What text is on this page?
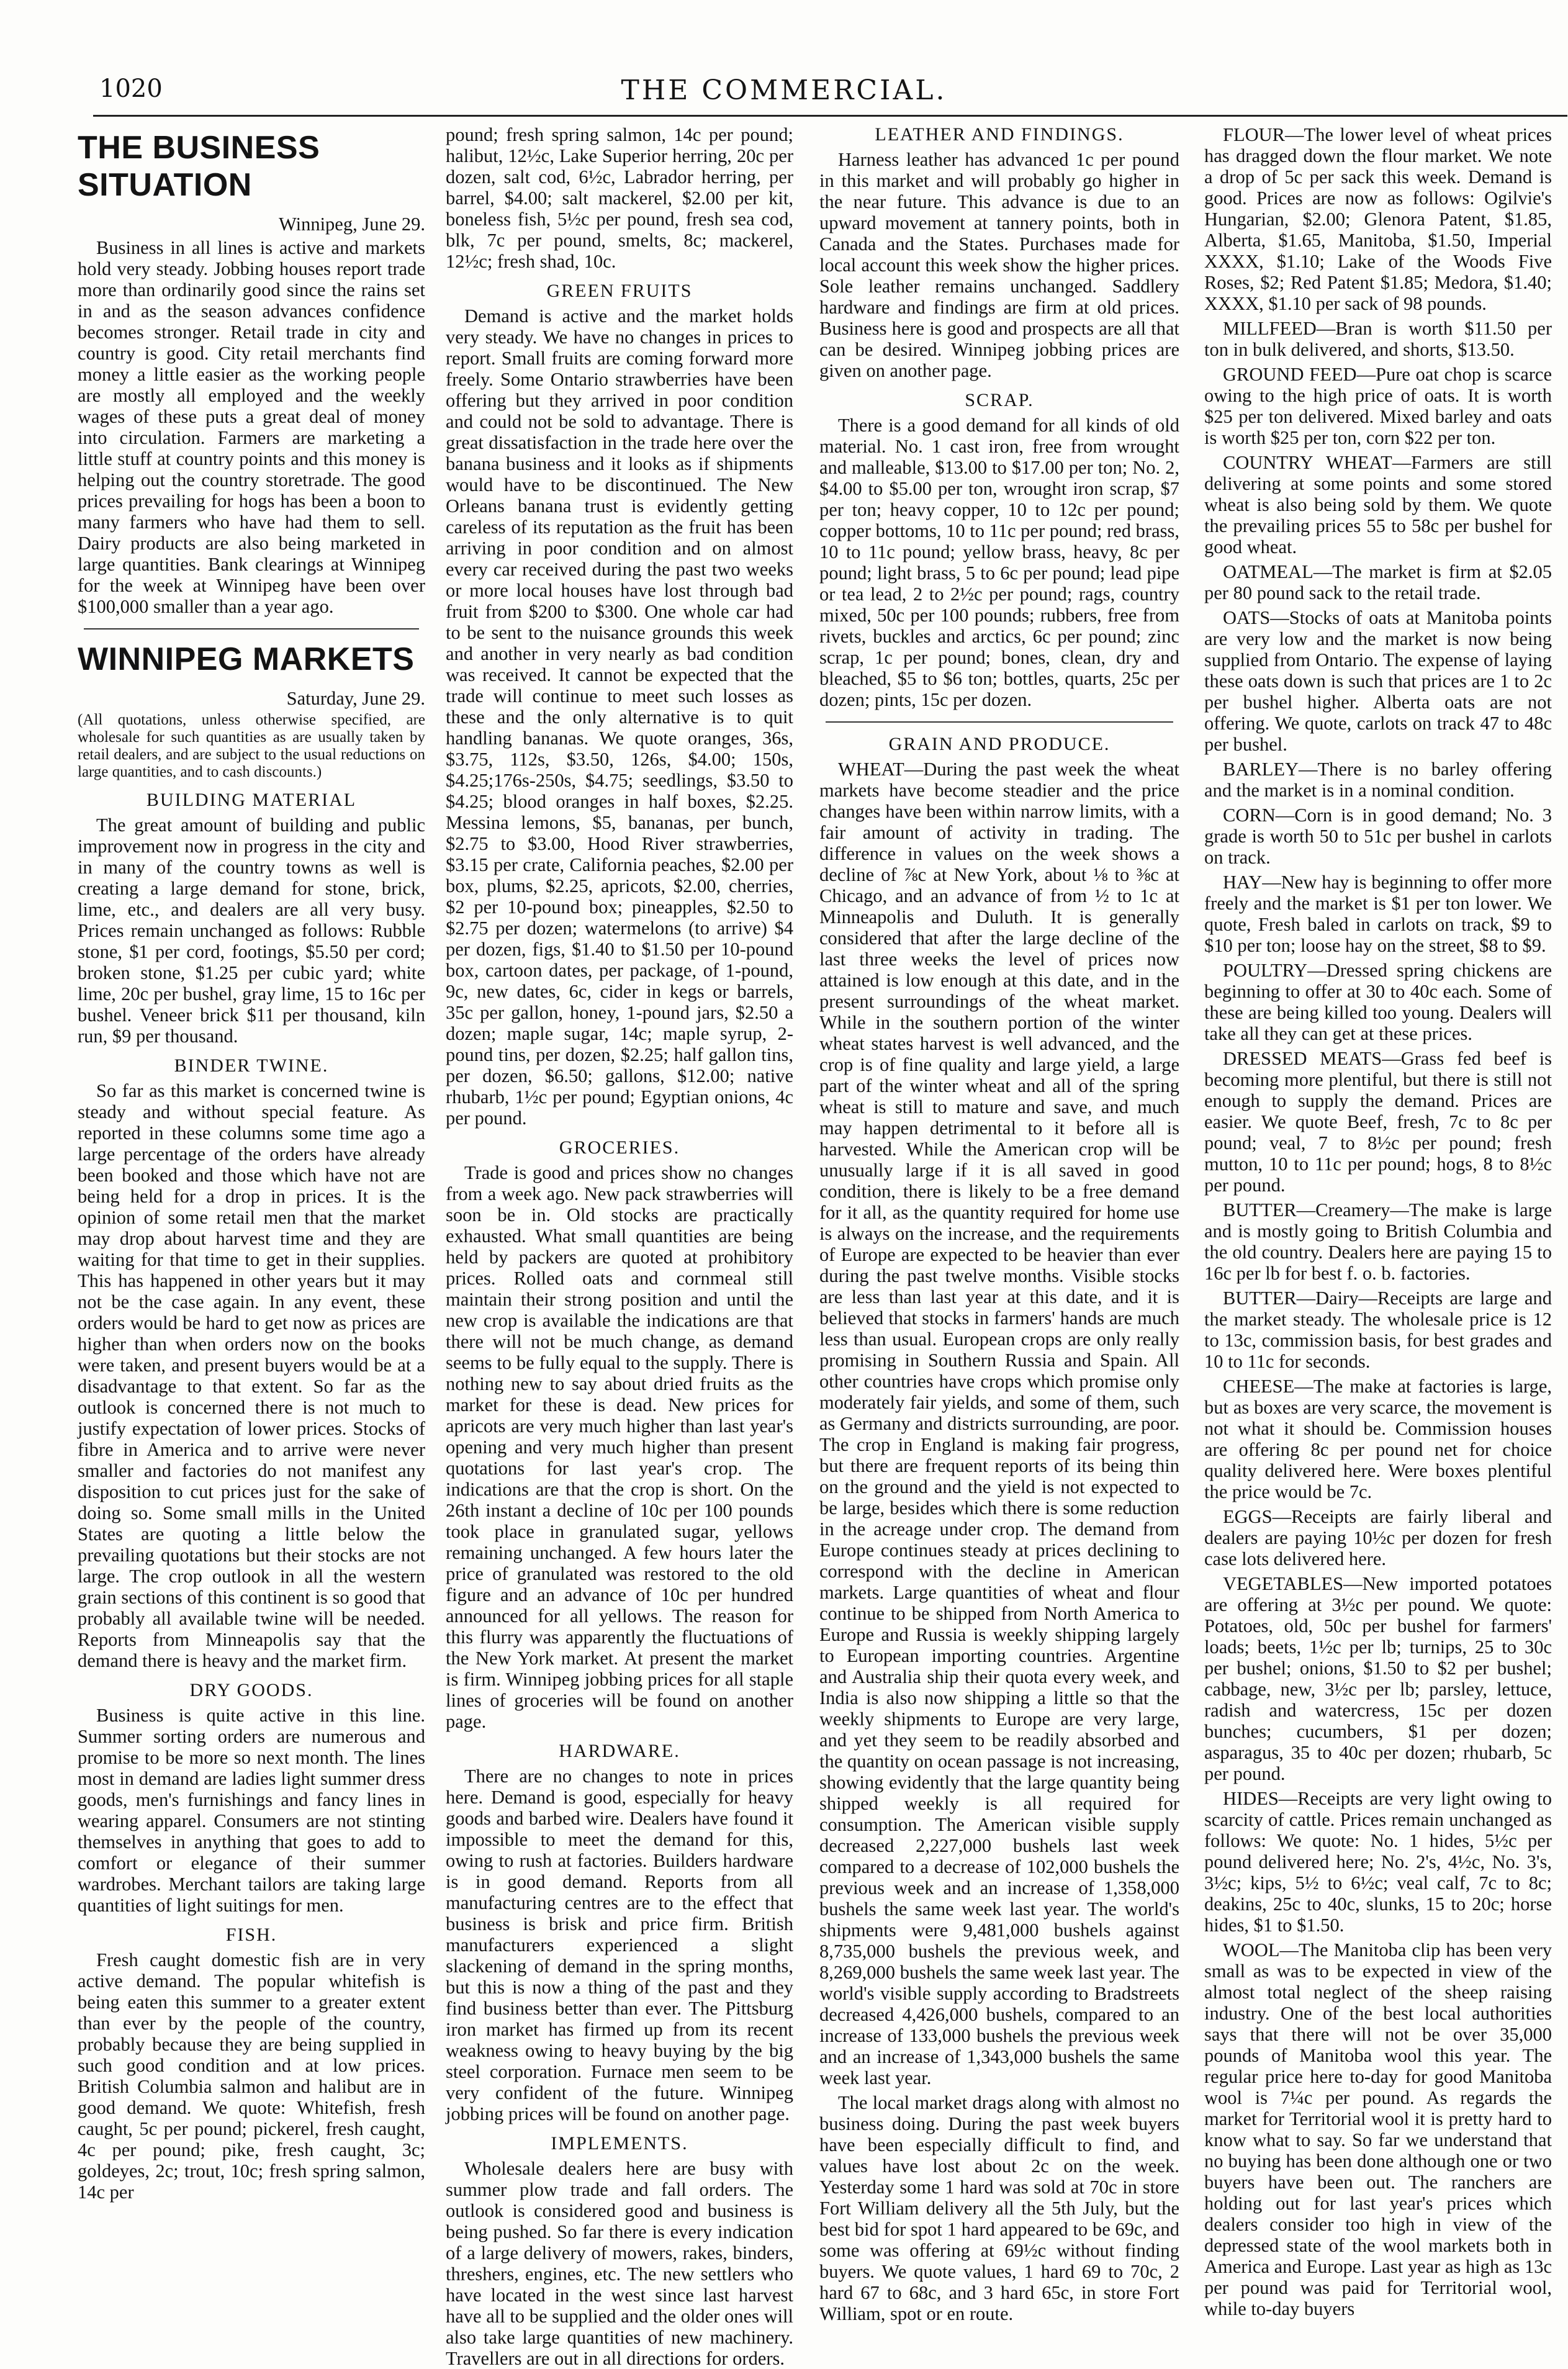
1020	THE COMMERCIAL.
THE BUSINESS SITUATION

Winnipeg, June 29.

Business in all lines is active and markets hold very steady. Jobbing houses report trade more than ordinarily good since the rains set in and as the season advances confidence becomes stronger. Retail trade in city and country is good. City retail merchants find money a little easier as the working people are mostly all employed and the weekly wages of these puts a great deal of money into circulation. Farmers are marketing a little stuff at country points and this money is helping out the country storetrade. The good prices prevailing for hogs has been a boon to many farmers who have had them to sell. Dairy products are also being marketed in large quantities. Bank clearings at Winnipeg for the week at Winnipeg have been over $100,000 smaller than a year ago.

WINNIPEG MARKETS

Saturday, June 29.

(All quotations, unless otherwise specified, are wholesale for such quantities as are usually taken by retail dealers, and are subject to the usual reductions on large quantities, and to cash discounts.)

BUILDING MATERIAL

The great amount of building and public improvement now in progress in the city and in many of the country towns as well is creating a large demand for stone, brick, lime, etc., and dealers are all very busy. Prices remain unchanged as follows: Rubble stone, $1 per cord, footings, $5.50 per cord; broken stone, $1.25 per cubic yard; white lime, 20c per bushel, gray lime, 15 to 16c per bushel. Veneer brick $11 per thousand, kiln run, $9 per thousand.

BINDER TWINE.

So far as this market is concerned twine is steady and without special feature. As reported in these columns some time ago a large percentage of the orders have already been booked and those which have not are being held for a drop in prices. It is the opinion of some retail men that the market may drop about harvest time and they are waiting for that time to get in their supplies. This has happened in other years but it may not be the case again. In any event, these orders would be hard to get now as prices are higher than when orders now on the books were taken, and present buyers would be at a disadvantage to that extent. So far as the outlook is concerned there is not much to justify expectation of lower prices. Stocks of fibre in America and to arrive were never smaller and factories do not manifest any disposition to cut prices just for the sake of doing so. Some small mills in the United States are quoting a little below the prevailing quotations but their stocks are not large. The crop outlook in all the western grain sections of this continent is so good that probably all available twine will be needed. Reports from Minneapolis say that the demand there is heavy and the market firm.

DRY GOODS.

Business is quite active in this line. Summer sorting orders are numerous and promise to be more so next month. The lines most in demand are ladies light summer dress goods, men's furnishings and fancy lines in wearing apparel. Consumers are not stinting themselves in anything that goes to add to comfort or elegance of their summer wardrobes. Merchant tailors are taking large quantities of light suitings for men.

FISH.

Fresh caught domestic fish are in very active demand. The popular whitefish is being eaten this summer to a greater extent than ever by the people of the country, probably because they are being supplied in such good condition and at low prices. British Columbia salmon and halibut are in good demand. We quote: Whitefish, fresh caught, 5c per pound; pickerel, fresh caught, 4c per pound; pike, fresh caught, 3c; goldeyes, 2c; trout, 10c; fresh spring salmon, 14c per

pound; fresh spring salmon, 14c per pound; halibut, 12½c, Lake Superior herring, 20c per dozen, salt cod, 6½c, Labrador herring, per barrel, $4.00; salt mackerel, $2.00 per kit, boneless fish, 5½c per pound, fresh sea cod, blk, 7c per pound, smelts, 8c; mackerel, 12½c; fresh shad, 10c.

GREEN FRUITS

Demand is active and the market holds very steady. We have no changes in prices to report. Small fruits are coming forward more freely. Some Ontario strawberries have been offering but they arrived in poor condition and could not be sold to advantage. There is great dissatisfaction in the trade here over the banana business and it looks as if shipments would have to be discontinued. The New Orleans banana trust is evidently getting careless of its reputation as the fruit has been arriving in poor condition and on almost every car received during the past two weeks or more local houses have lost through bad fruit from $200 to $300. One whole car had to be sent to the nuisance grounds this week and another in very nearly as bad condition was received. It cannot be expected that the trade will continue to meet such losses as these and the only alternative is to quit handling bananas. We quote oranges, 36s, $3.75, 112s, $3.50, 126s, $4.00; 150s, $4.25;176s-250s, $4.75; seedlings, $3.50 to $4.25; blood oranges in half boxes, $2.25. Messina lemons, $5, bananas, per bunch, $2.75 to $3.00, Hood River strawberries, $3.15 per crate, California peaches, $2.00 per box, plums, $2.25, apricots, $2.00, cherries, $2 per 10-pound box; pineapples, $2.50 to $2.75 per dozen; watermelons (to arrive) $4 per dozen, figs, $1.40 to $1.50 per 10-pound box, cartoon dates, per package, of 1-pound, 9c, new dates, 6c, cider in kegs or barrels, 35c per gallon, honey, 1-pound jars, $2.50 a dozen; maple sugar, 14c; maple syrup, 2-pound tins, per dozen, $2.25; half gallon tins, per dozen, $6.50; gallons, $12.00; native rhubarb, 1½c per pound; Egyptian onions, 4c per pound.

GROCERIES.

Trade is good and prices show no changes from a week ago. New pack strawberries will soon be in. Old stocks are practically exhausted. What small quantities are being held by packers are quoted at prohibitory prices. Rolled oats and cornmeal still maintain their strong position and until the new crop is available the indications are that there will not be much change, as demand seems to be fully equal to the supply. There is nothing new to say about dried fruits as the market for these is dead. New prices for apricots are very much higher than last year's opening and very much higher than present quotations for last year's crop. The indications are that the crop is short. On the 26th instant a decline of 10c per 100 pounds took place in granulated sugar, yellows remaining unchanged. A few hours later the price of granulated was restored to the old figure and an advance of 10c per hundred announced for all yellows. The reason for this flurry was apparently the fluctuations of the New York market. At present the market is firm. Winnipeg jobbing prices for all staple lines of groceries will be found on another page.

HARDWARE.

There are no changes to note in prices here. Demand is good, especially for heavy goods and barbed wire. Dealers have found it impossible to meet the demand for this, owing to rush at factories. Builders hardware is in good demand. Reports from all manufacturing centres are to the effect that business is brisk and price firm. British manufacturers experienced a slight slackening of demand in the spring months, but this is now a thing of the past and they find business better than ever. The Pittsburg iron market has firmed up from its recent weakness owing to heavy buying by the big steel corporation. Furnace men seem to be very confident of the future. Winnipeg jobbing prices will be found on another page.

IMPLEMENTS.

Wholesale dealers here are busy with summer plow trade and fall orders. The outlook is considered good and business is being pushed. So far there is every indication of a large delivery of mowers, rakes, binders, threshers, engines, etc. The new settlers who have located in the west since last harvest have all to be supplied and the older ones will also take large quantities of new machinery. Travellers are out in all directions for orders.

LEATHER AND FINDINGS.

Harness leather has advanced 1c per pound in this market and will probably go higher in the near future. This advance is due to an upward movement at tannery points, both in Canada and the States. Purchases made for local account this week show the higher prices. Sole leather remains unchanged. Saddlery hardware and findings are firm at old prices. Business here is good and prospects are all that can be desired. Winnipeg jobbing prices are given on another page.

SCRAP.

There is a good demand for all kinds of old material. No. 1 cast iron, free from wrought and malleable, $13.00 to $17.00 per ton; No. 2, $4.00 to $5.00 per ton, wrought iron scrap, $7 per ton; heavy copper, 10 to 12c per pound; copper bottoms, 10 to 11c per pound; red brass, 10 to 11c pound; yellow brass, heavy, 8c per pound; light brass, 5 to 6c per pound; lead pipe or tea lead, 2 to 2½c per pound; rags, country mixed, 50c per 100 pounds; rubbers, free from rivets, buckles and arctics, 6c per pound; zinc scrap, 1c per pound; bones, clean, dry and bleached, $5 to $6 ton; bottles, quarts, 25c per dozen; pints, 15c per dozen.

GRAIN AND PRODUCE.

WHEAT—During the past week the wheat markets have become steadier and the price changes have been within narrow limits, with a fair amount of activity in trading. The difference in values on the week shows a decline of ⅞c at New York, about ⅛ to ⅜c at Chicago, and an advance of from ½ to 1c at Minneapolis and Duluth. It is generally considered that after the large decline of the last three weeks the level of prices now attained is low enough at this date, and in the present surroundings of the wheat market. While in the southern portion of the winter wheat states harvest is well advanced, and the crop is of fine quality and large yield, a large part of the winter wheat and all of the spring wheat is still to mature and save, and much may happen detrimental to it before all is harvested. While the American crop will be unusually large if it is all saved in good condition, there is likely to be a free demand for it all, as the quantity required for home use is always on the increase, and the requirements of Europe are expected to be heavier than ever during the past twelve months. Visible stocks are less than last year at this date, and it is believed that stocks in farmers' hands are much less than usual. European crops are only really promising in Southern Russia and Spain. All other countries have crops which promise only moderately fair yields, and some of them, such as Germany and districts surrounding, are poor. The crop in England is making fair progress, but there are frequent reports of its being thin on the ground and the yield is not expected to be large, besides which there is some reduction in the acreage under crop. The demand from Europe continues steady at prices declining to correspond with the decline in American markets. Large quantities of wheat and flour continue to be shipped from North America to Europe and Russia is weekly shipping largely to European importing countries. Argentine and Australia ship their quota every week, and India is also now shipping a little so that the weekly shipments to Europe are very large, and yet they seem to be readily absorbed and the quantity on ocean passage is not increasing, showing evidently that the large quantity being shipped weekly is all required for consumption. The American visible supply decreased 2,227,000 bushels last week compared to a decrease of 102,000 bushels the previous week and an increase of 1,358,000 bushels the same week last year. The world's shipments were 9,481,000 bushels against 8,735,000 bushels the previous week, and 8,269,000 bushels the same week last year. The world's visible supply according to Bradstreets decreased 4,426,000 bushels, compared to an increase of 133,000 bushels the previous week and an increase of 1,343,000 bushels the same week last year.

The local market drags along with almost no business doing. During the past week buyers have been especially difficult to find, and values have lost about 2c on the week. Yesterday some 1 hard was sold at 70c in store Fort William delivery all the 5th July, but the best bid for spot 1 hard appeared to be 69c, and some was offering at 69½c without finding buyers. We quote values, 1 hard 69 to 70c, 2 hard 67 to 68c, and 3 hard 65c, in store Fort William, spot or en route.

FLOUR—The lower level of wheat prices has dragged down the flour market. We note a drop of 5c per sack this week. Demand is good. Prices are now as follows: Ogilvie's Hungarian, $2.00; Glenora Patent, $1.85, Alberta, $1.65, Manitoba, $1.50, Imperial XXXX, $1.10; Lake of the Woods Five Roses, $2; Red Patent $1.85; Medora, $1.40; XXXX, $1.10 per sack of 98 pounds.

MILLFEED—Bran is worth $11.50 per ton in bulk delivered, and shorts, $13.50.

GROUND FEED—Pure oat chop is scarce owing to the high price of oats. It is worth $25 per ton delivered. Mixed barley and oats is worth $25 per ton, corn $22 per ton.

COUNTRY WHEAT—Farmers are still delivering at some points and some stored wheat is also being sold by them. We quote the prevailing prices 55 to 58c per bushel for good wheat.

OATMEAL—The market is firm at $2.05 per 80 pound sack to the retail trade.

OATS—Stocks of oats at Manitoba points are very low and the market is now being supplied from Ontario. The expense of laying these oats down is such that prices are 1 to 2c per bushel higher. Alberta oats are not offering. We quote, carlots on track 47 to 48c per bushel.

BARLEY—There is no barley offering and the market is in a nominal condition.

CORN—Corn is in good demand; No. 3 grade is worth 50 to 51c per bushel in carlots on track.

HAY—New hay is beginning to offer more freely and the market is $1 per ton lower. We quote, Fresh baled in carlots on track, $9 to $10 per ton; loose hay on the street, $8 to $9.

POULTRY—Dressed spring chickens are beginning to offer at 30 to 40c each. Some of these are being killed too young. Dealers will take all they can get at these prices.

DRESSED MEATS—Grass fed beef is becoming more plentiful, but there is still not enough to supply the demand. Prices are easier. We quote Beef, fresh, 7c to 8c per pound; veal, 7 to 8½c per pound; fresh mutton, 10 to 11c per pound; hogs, 8 to 8½c per pound.

BUTTER—Creamery—The make is large and is mostly going to British Columbia and the old country. Dealers here are paying 15 to 16c per lb for best f. o. b. factories.

BUTTER—Dairy—Receipts are large and the market steady. The wholesale price is 12 to 13c, commission basis, for best grades and 10 to 11c for seconds.

CHEESE—The make at factories is large, but as boxes are very scarce, the movement is not what it should be. Commission houses are offering 8c per pound net for choice quality delivered here. Were boxes plentiful the price would be 7c.

EGGS—Receipts are fairly liberal and dealers are paying 10½c per dozen for fresh case lots delivered here.

VEGETABLES—New imported potatoes are offering at 3½c per pound. We quote: Potatoes, old, 50c per bushel for farmers' loads; beets, 1½c per lb; turnips, 25 to 30c per bushel; onions, $1.50 to $2 per bushel; cabbage, new, 3½c per lb; parsley, lettuce, radish and watercress, 15c per dozen bunches; cucumbers, $1 per dozen; asparagus, 35 to 40c per dozen; rhubarb, 5c per pound.

HIDES—Receipts are very light owing to scarcity of cattle. Prices remain unchanged as follows: We quote: No. 1 hides, 5½c per pound delivered here; No. 2's, 4½c, No. 3's, 3½c; kips, 5½ to 6½c; veal calf, 7c to 8c; deakins, 25c to 40c, slunks, 15 to 20c; horse hides, $1 to $1.50.

WOOL—The Manitoba clip has been very small as was to be expected in view of the almost total neglect of the sheep raising industry. One of the best local authorities says that there will not be over 35,000 pounds of Manitoba wool this year. The regular price here to-day for good Manitoba wool is 7¼c per pound. As regards the market for Territorial wool it is pretty hard to know what to say. So far we understand that no buying has been done although one or two buyers have been out. The ranchers are holding out for last year's prices which dealers consider too high in view of the depressed state of the wool markets both in America and Europe. Last year as high as 13c per pound was paid for Territorial wool, while to-day buyers
